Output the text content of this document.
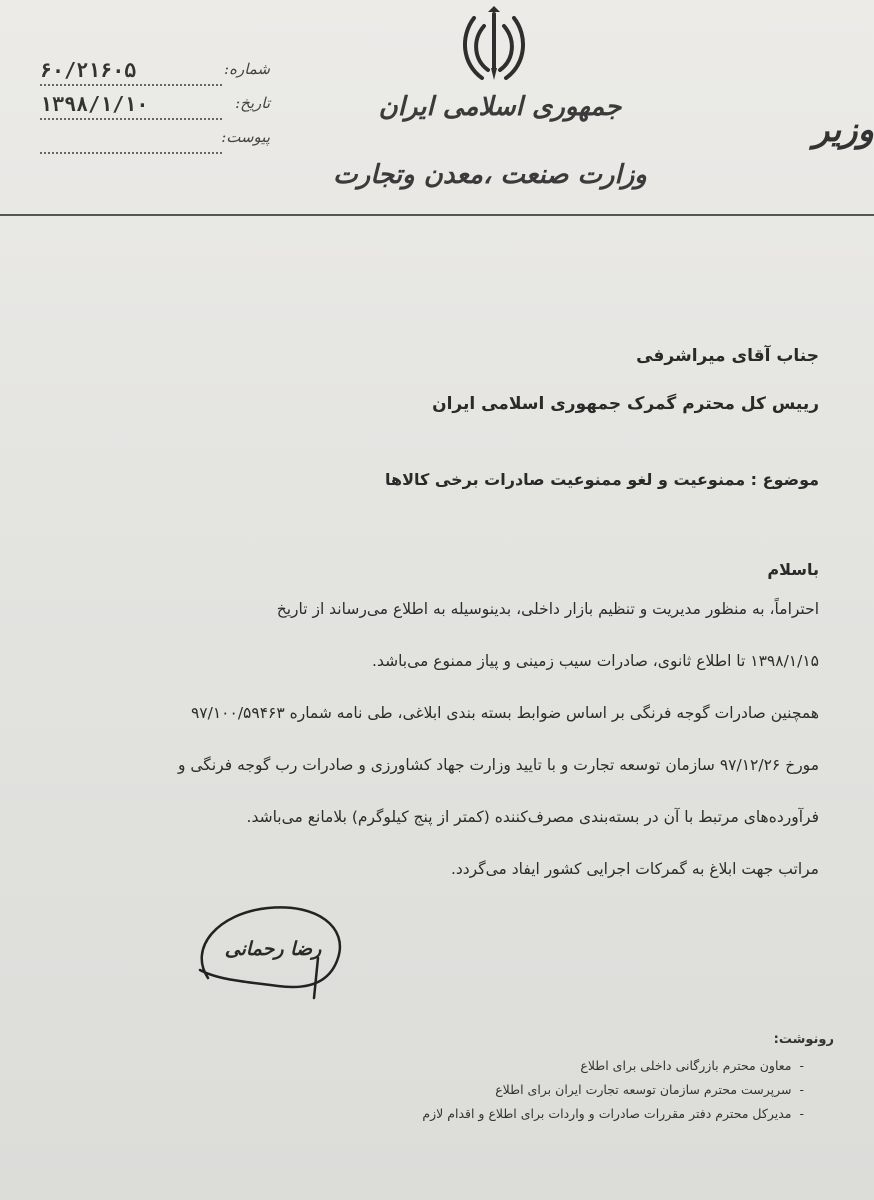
جمهوری اسلامی ایران
وزارت صنعت ،معدن وتجارت
وزیر
شماره:
۶۰/۲۱۶۰۵
تاریخ:
۱۳۹۸/۱/۱۰
پیوست:
جناب آقای میراشرفی
رییس کل محترم گمرک جمهوری اسلامی ایران
موضوع : ممنوعیت و لغو ممنوعیت صادرات برخی کالاها
باسلام
احتراماً، به منظور مدیریت و تنظیم بازار داخلی، بدینوسیله به اطلاع می‌رساند از تاریخ
۱۳۹۸/۱/۱۵ تا اطلاع ثانوی، صادرات سیب زمینی و پیاز ممنوع می‌باشد.
همچنین صادرات گوجه فرنگی بر اساس ضوابط بسته بندی ابلاغی، طی نامه شماره ۹۷/۱۰۰/۵۹۴۶۳
مورخ ۹۷/۱۲/۲۶ سازمان توسعه تجارت و با تایید وزارت جهاد کشاورزی و صادرات رب گوجه فرنگی و
فرآورده‌های مرتبط با آن در بسته‌بندی مصرف‌کننده (کمتر از پنج کیلوگرم) بلامانع می‌باشد.
مراتب جهت ابلاغ به گمرکات اجرایی کشور ایفاد می‌گردد.
رضا رحمانی
رونوشت:
-معاون محترم بازرگانی داخلی برای اطلاع
-سرپرست محترم سازمان توسعه تجارت ایران برای اطلاع
-مدیرکل محترم دفتر مقررات صادرات و واردات برای اطلاع و اقدام لازم
